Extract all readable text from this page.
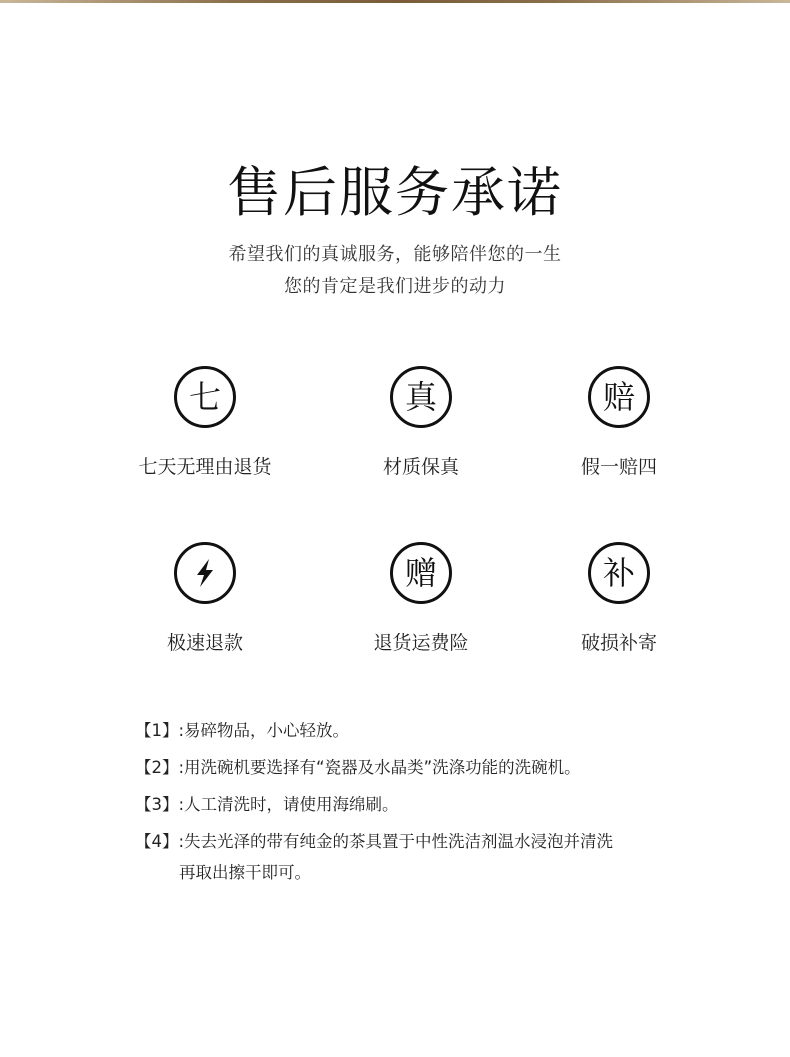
售后服务承诺
希望我们的真诚服务，能够陪伴您的一生
您的肯定是我们进步的动力
七
七天无理由退货
真
材质保真
赔
假一赔四
极速退款
赠
退货运费险
补
破损补寄
【1】 :易碎物品，小心轻放。
【2】 :用洗碗机要选择有“瓷器及水晶类”洗涤功能的洗碗机。
【3】 :人工清洗时，请使用海绵刷。
【4】 :失去光泽的带有纯金的茶具置于中性洗洁剂温水浸泡并清洗
再取出擦干即可。
